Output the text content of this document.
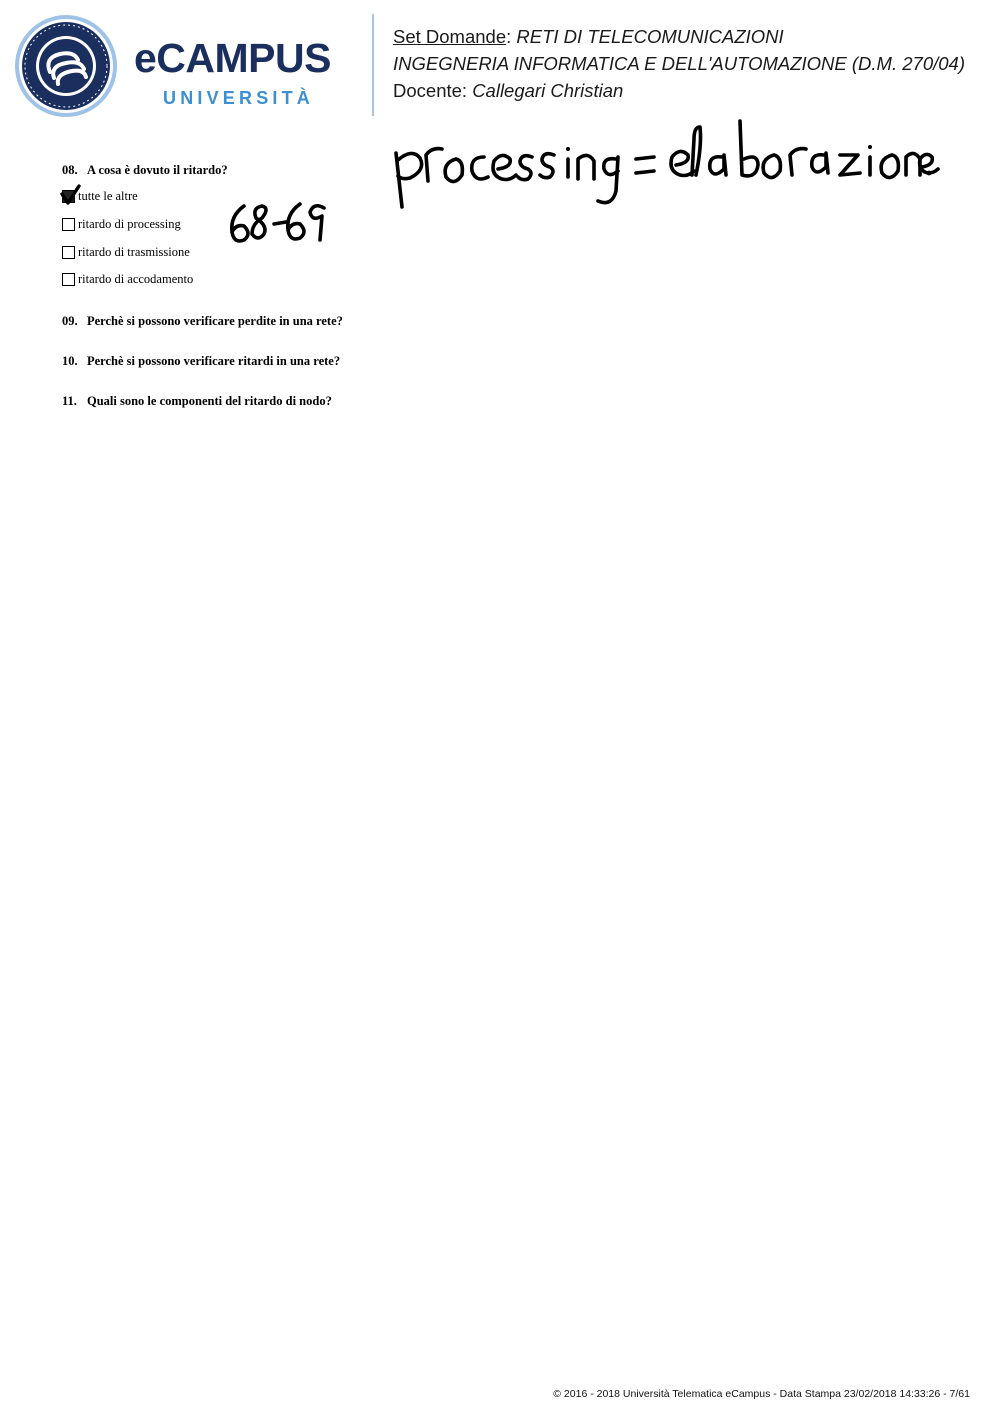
eCAMPUS
UNIVERSITÀ
Set Domande: RETI DI TELECOMUNICAZIONI
INGEGNERIA INFORMATICA E DELL'AUTOMAZIONE (D.M. 270/04)
Docente: Callegari Christian
08. A cosa è dovuto il ritardo?
tutte le altre
ritardo di processing
ritardo di trasmissione
ritardo di accodamento
09. Perchè si possono verificare perdite in una rete?
10. Perchè si possono verificare ritardi in una rete?
11. Quali sono le componenti del ritardo di nodo?
© 2016 - 2018 Università Telematica eCampus - Data Stampa 23/02/2018 14:33:26 - 7/61
